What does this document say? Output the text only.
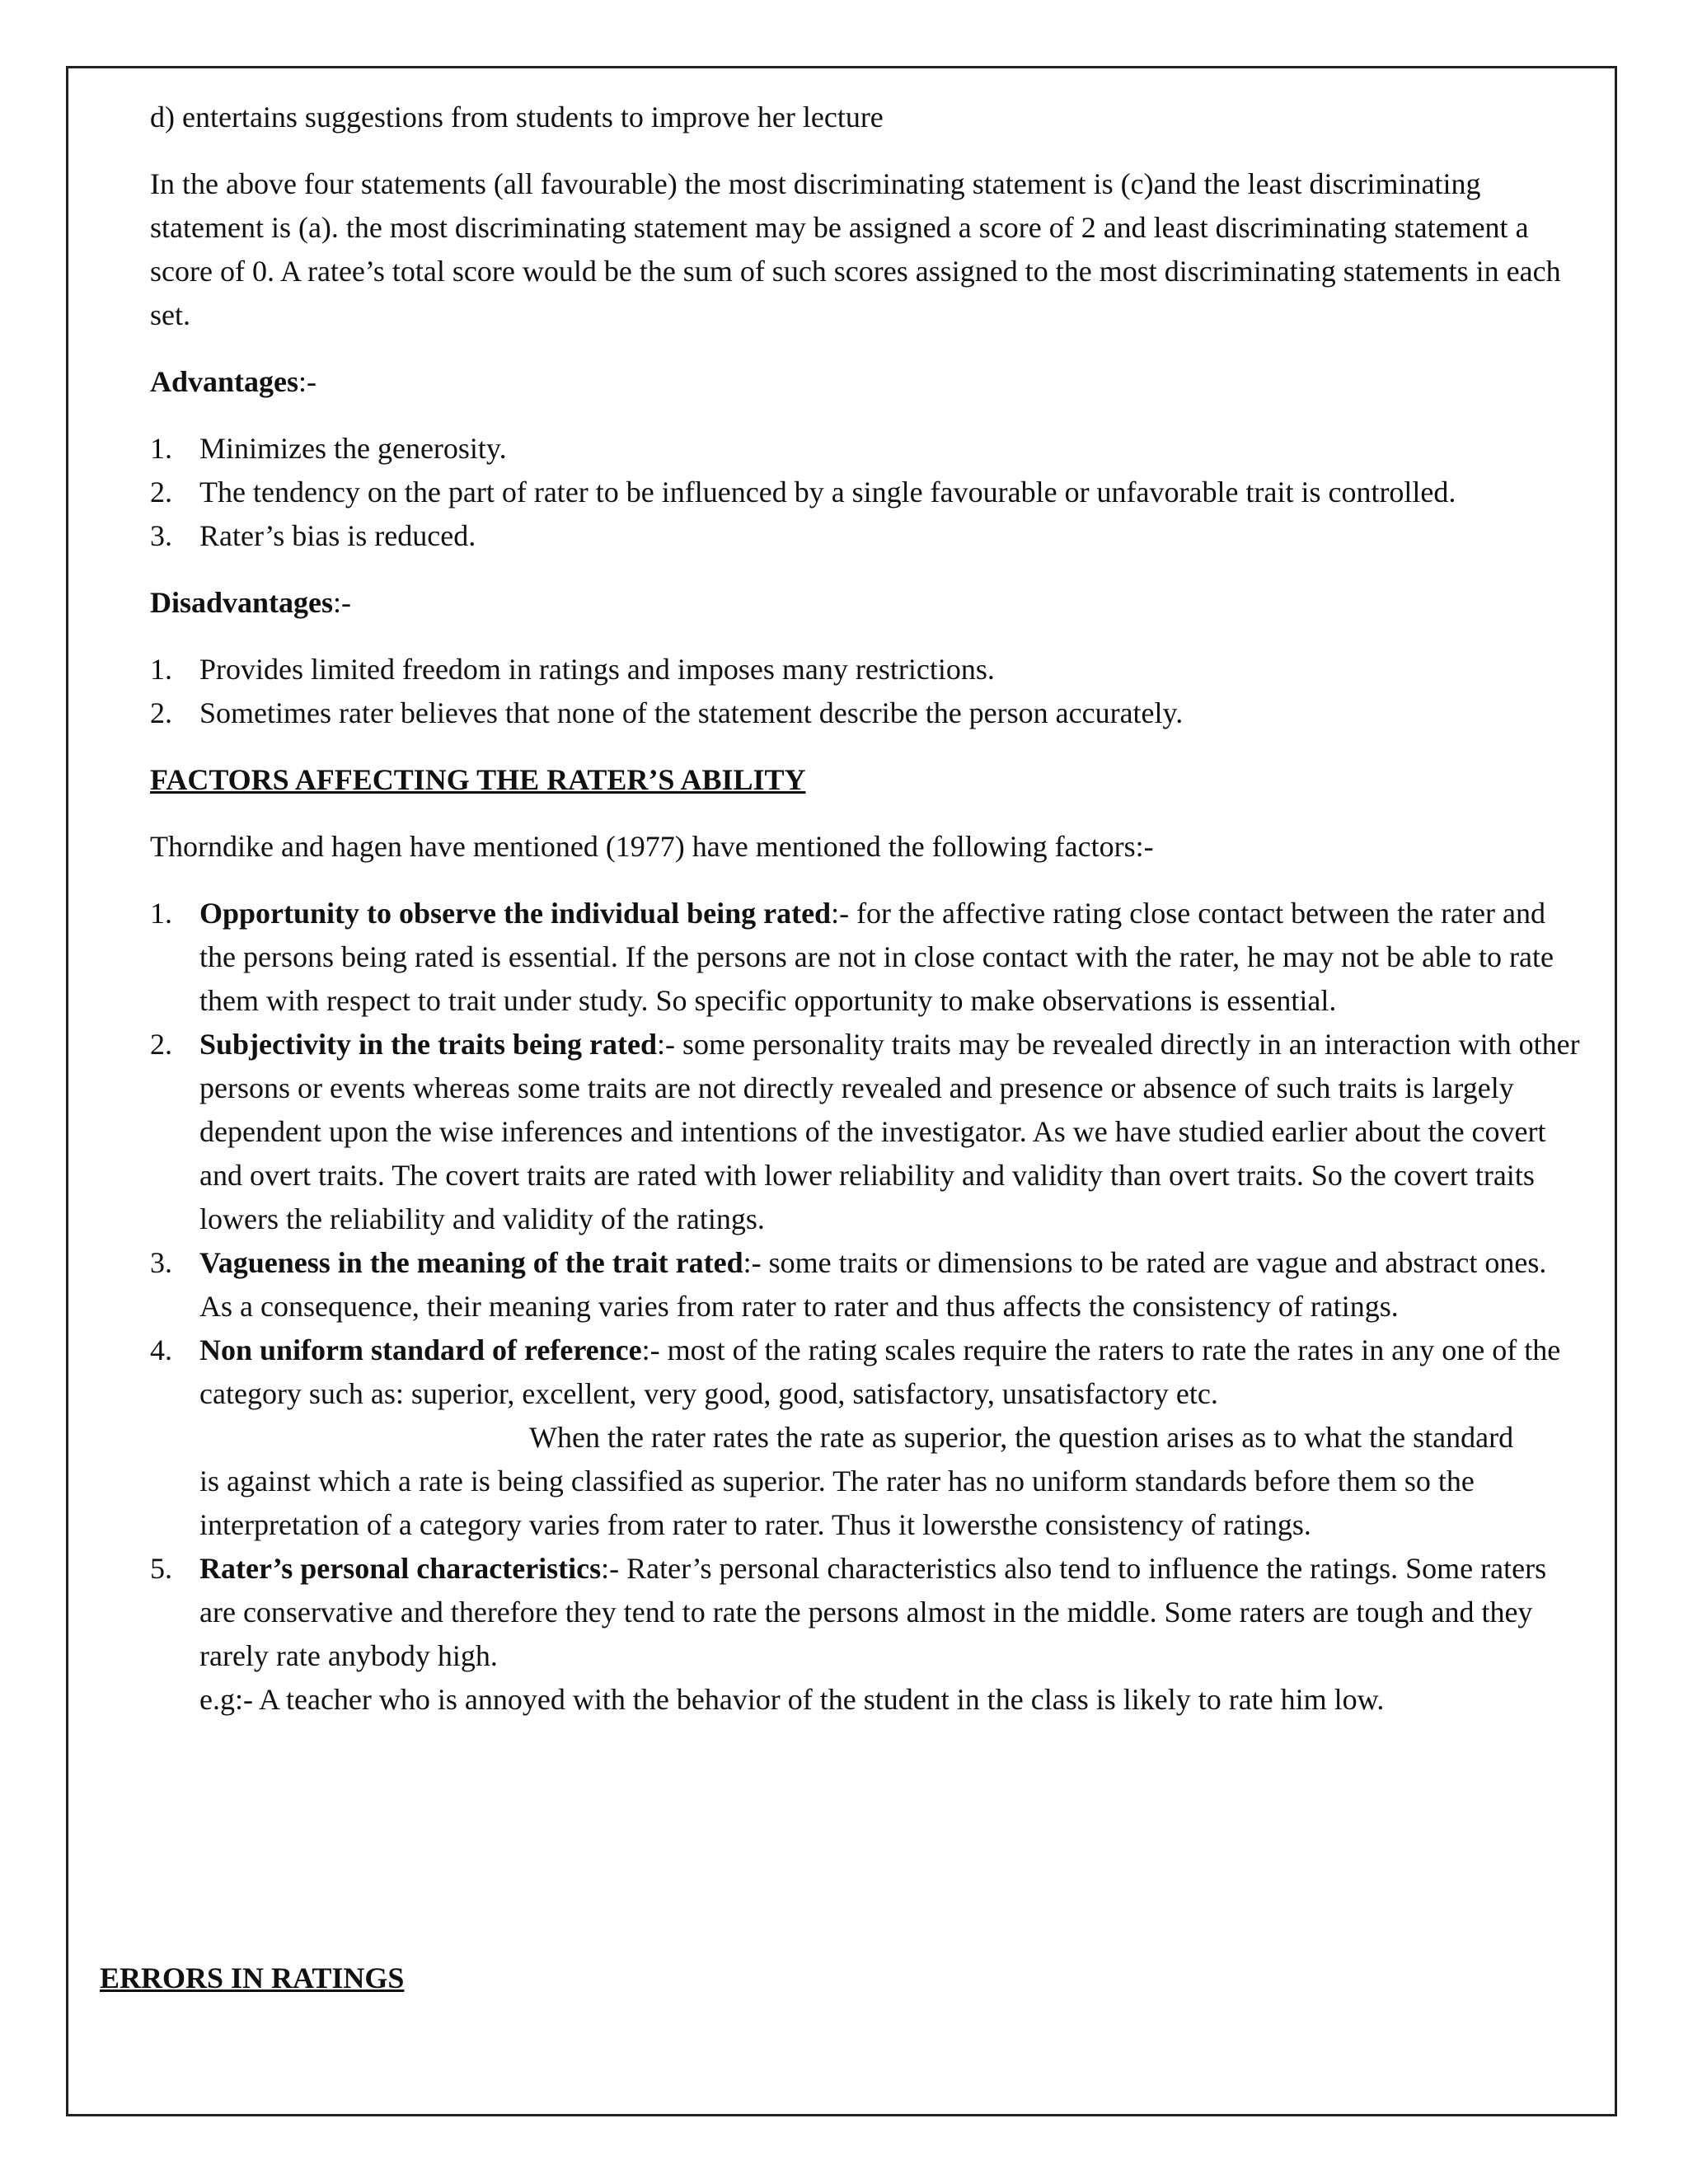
d) entertains suggestions from students to improve her lecture

In the above four statements (all favourable) the most discriminating statement is (c)and the least discriminating statement is (a). the most discriminating statement may be assigned a score of 2 and least discriminating statement a score of 0. A ratee’s total score would be the sum of such scores assigned to the most discriminating statements in each set.

Advantages:-

1. Minimizes the generosity.
2. The tendency on the part of rater to be influenced by a single favourable or unfavorable trait is controlled.
3. Rater’s bias is reduced.

Disadvantages:-

1. Provides limited freedom in ratings and imposes many restrictions.
2. Sometimes rater believes that none of the statement describe the person accurately.

FACTORS AFFECTING THE RATER’S ABILITY

Thorndike and hagen have mentioned (1977) have mentioned the following factors:-

1. Opportunity to observe the individual being rated:- for the affective rating close contact between the rater and the persons being rated is essential. If the persons are not in close contact with the rater, he may not be able to rate them with respect to trait under study. So specific opportunity to make observations is essential.
2. Subjectivity in the traits being rated:- some personality traits may be revealed directly in an interaction with other persons or events whereas some traits are not directly revealed and presence or absence of such traits is largely dependent upon the wise inferences and intentions of the investigator. As we have studied earlier about the covert and overt traits. The covert traits are rated with lower reliability and validity than overt traits. So the covert traits lowers the reliability and validity of the ratings.
3. Vagueness in the meaning of the trait rated:- some traits or dimensions to be rated are vague and abstract ones. As a consequence, their meaning varies from rater to rater and thus affects the consistency of ratings.
4. Non uniform standard of reference:- most of the rating scales require the raters to rate the rates in any one of the category such as: superior, excellent, very good, good, satisfactory, unsatisfactory etc.
When the rater rates the rate as superior, the question arises as to what the standard
is against which a rate is being classified as superior. The rater has no uniform standards before them so the interpretation of a category varies from rater to rater. Thus it lowersthe consistency of ratings.
5. Rater’s personal characteristics:- Rater’s personal characteristics also tend to influence the ratings. Some raters are conservative and therefore they tend to rate the persons almost in the middle. Some raters are tough and they rarely rate anybody high.
e.g:- A teacher who is annoyed with the behavior of the student in the class is likely to rate him low.
ERRORS IN RATINGS
